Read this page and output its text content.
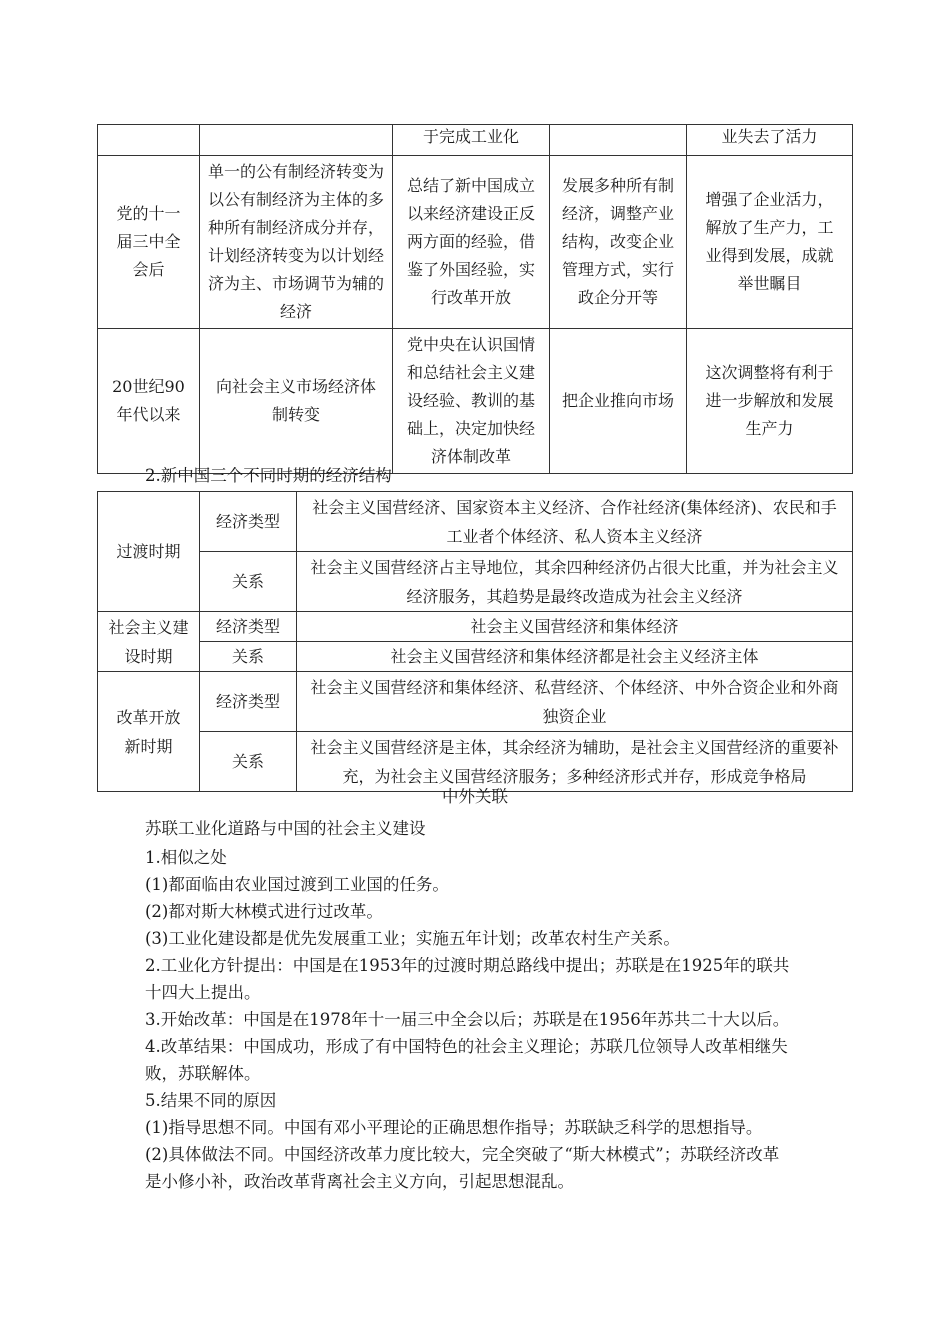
		于完成工业化		业失去了活力
党的十一届三中全会后	单一的公有制经济转变为以公有制经济为主体的多种所有制经济成分并存，计划经济转变为以计划经济为主、市场调节为辅的经济	总结了新中国成立以来经济建设正反两方面的经验，借鉴了外国经验，实行改革开放	发展多种所有制经济，调整产业结构，改变企业管理方式，实行政企分开等	增强了企业活力，解放了生产力，工业得到发展，成就举世瞩目
20世纪90年代以来	向社会主义市场经济体制转变	党中央在认识国情和总结社会主义建设经验、教训的基础上，决定加快经济体制改革	把企业推向市场	这次调整将有利于进一步解放和发展生产力
2.新中国三个不同时期的经济结构
过渡时期	经济类型	社会主义国营经济、国家资本主义经济、合作社经济(集体经济)、农民和手工业者个体经济、私人资本主义经济
	关系	社会主义国营经济占主导地位，其余四种经济仍占很大比重，并为社会主义经济服务，其趋势是最终改造成为社会主义经济
社会主义建设时期	经济类型	社会主义国营经济和集体经济
	关系	社会主义国营经济和集体经济都是社会主义经济主体
改革开放新时期	经济类型	社会主义国营经济和集体经济、私营经济、个体经济、中外合资企业和外商独资企业
	关系	社会主义国营经济是主体，其余经济为辅助，是社会主义国营经济的重要补充，为社会主义国营经济服务；多种经济形式并存，形成竞争格局
中外关联
苏联工业化道路与中国的社会主义建设
1.相似之处
(1)都面临由农业国过渡到工业国的任务。
(2)都对斯大林模式进行过改革。
(3)工业化建设都是优先发展重工业；实施五年计划；改革农村生产关系。
2.工业化方针提出：中国是在1953年的过渡时期总路线中提出；苏联是在1925年的联共
十四大上提出。
3.开始改革：中国是在1978年十一届三中全会以后；苏联是在1956年苏共二十大以后。
4.改革结果：中国成功，形成了有中国特色的社会主义理论；苏联几位领导人改革相继失
败，苏联解体。
5.结果不同的原因
(1)指导思想不同。中国有邓小平理论的正确思想作指导；苏联缺乏科学的思想指导。
(2)具体做法不同。中国经济改革力度比较大，完全突破了“斯大林模式”；苏联经济改革
是小修小补，政治改革背离社会主义方向，引起思想混乱。
